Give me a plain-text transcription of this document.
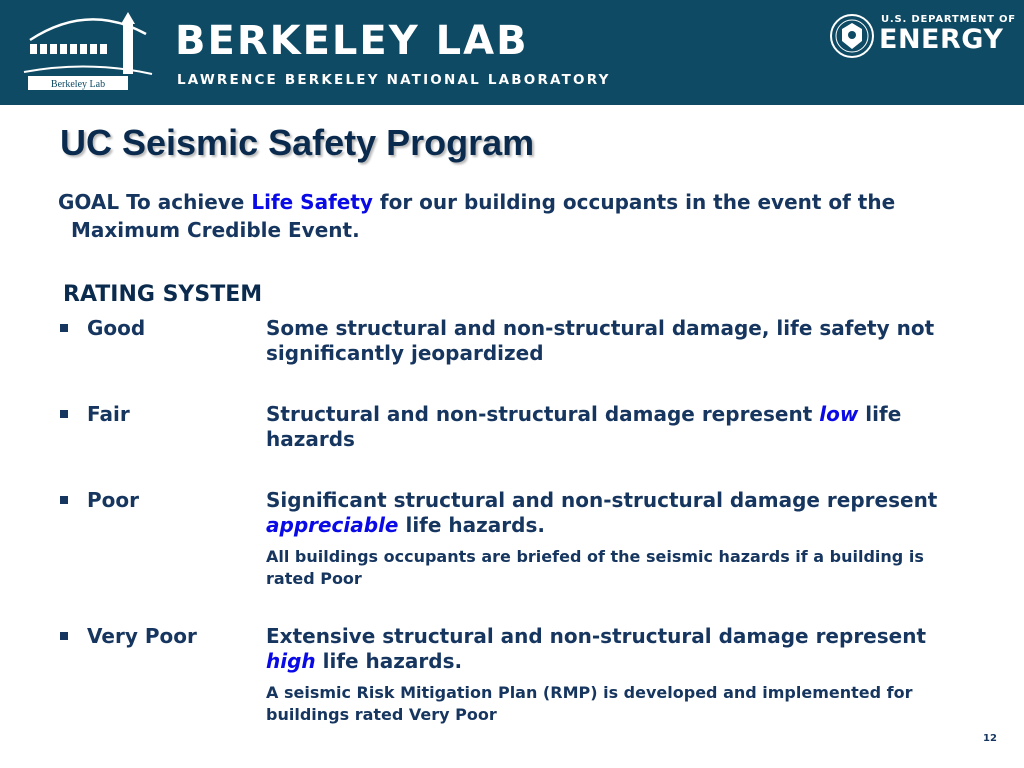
Berkeley Lab
BERKELEY LAB
LAWRENCE BERKELEY NATIONAL LABORATORY
U.S. DEPARTMENT OF
ENERGY
UC Seismic Safety Program
GOAL To achieve Life Safety for our building occupants in the event of the Maximum Credible Event.
RATING SYSTEM
Good	Some structural and non-structural damage, life safety not significantly jeopardized
Fair	Structural and non-structural damage represent low life hazards
Poor	Significant structural and non-structural damage represent appreciable life hazards.
All buildings occupants are briefed of the seismic hazards if a building is rated Poor
Very Poor	Extensive structural and non-structural damage represent high life hazards.
A seismic Risk Mitigation Plan (RMP) is developed and implemented for buildings rated Very Poor
12
